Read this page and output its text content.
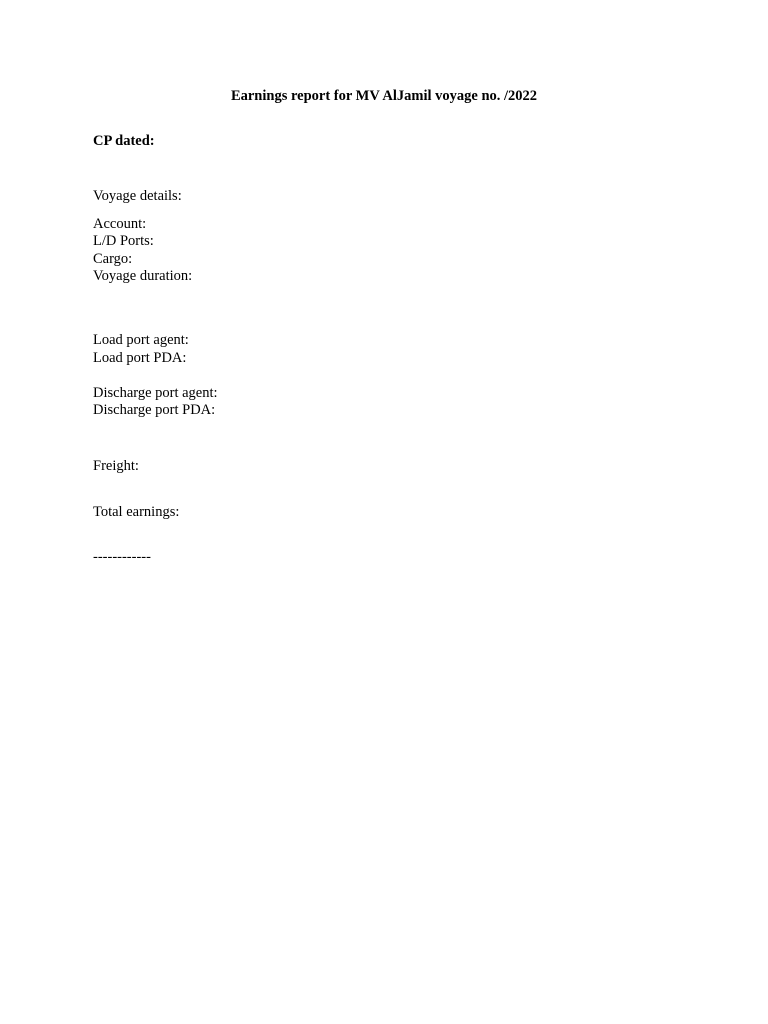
Earnings report for MV AlJamil voyage no. /2022
CP dated:
Voyage details:
Account:
L/D Ports:
Cargo:
Voyage duration:
Load port agent:
Load port PDA:
Discharge port agent:
Discharge port PDA:
Freight:
Total earnings:
------------
